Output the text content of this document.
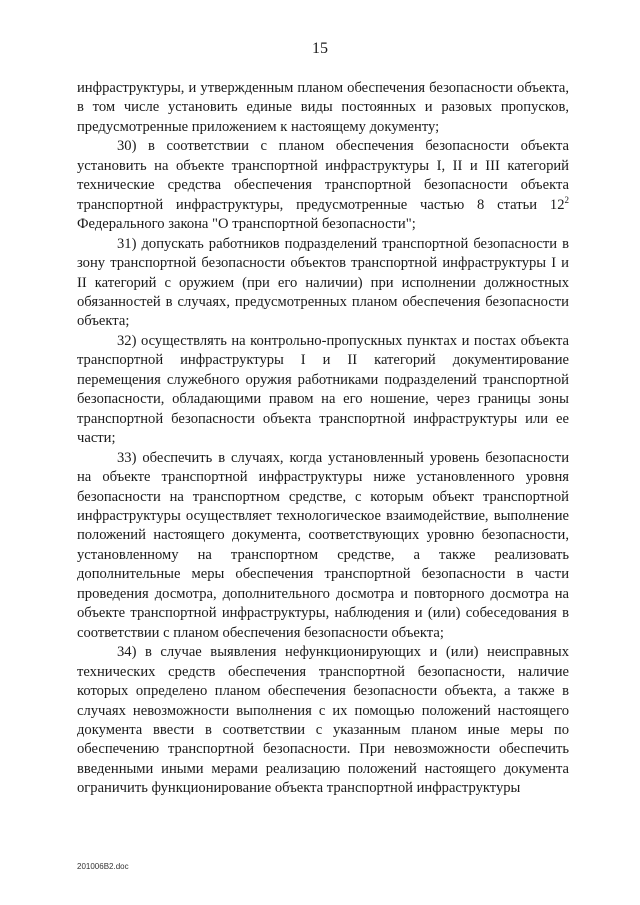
15

инфраструктуры, и утвержденным планом обеспечения безопасности объекта, в том числе установить единые виды постоянных и разовых пропусков, предусмотренные приложением к настоящему документу;

30) в соответствии с планом обеспечения безопасности объекта установить на объекте транспортной инфраструктуры I, II и III категорий технические средства обеспечения транспортной безопасности объекта транспортной инфраструктуры, предусмотренные частью 8 статьи $12^2$ Федерального закона "О транспортной безопасности";

31) допускать работников подразделений транспортной безопасности в зону транспортной безопасности объектов транспортной инфраструктуры I и II категорий с оружием (при его наличии) при исполнении должностных обязанностей в случаях, предусмотренных планом обеспечения безопасности объекта;

32) осуществлять на контрольно-пропускных пунктах и постах объекта транспортной инфраструктуры I и II категорий документирование перемещения служебного оружия работниками подразделений транспортной безопасности, обладающими правом на его ношение, через границы зоны транспортной безопасности объекта транспортной инфраструктуры или ее части;

33) обеспечить в случаях, когда установленный уровень безопасности на объекте транспортной инфраструктуры ниже установленного уровня безопасности на транспортном средстве, с которым объект транспортной инфраструктуры осуществляет технологическое взаимодействие, выполнение положений настоящего документа, соответствующих уровню безопасности, установленному на транспортном средстве, а также реализовать дополнительные меры обеспечения транспортной безопасности в части проведения досмотра, дополнительного досмотра и повторного досмотра на объекте транспортной инфраструктуры, наблюдения и (или) собеседования в соответствии с планом обеспечения безопасности объекта;

34) в случае выявления нефункционирующих и (или) неисправных технических средств обеспечения транспортной безопасности, наличие которых определено планом обеспечения безопасности объекта, а также в случаях невозможности выполнения с их помощью положений настоящего документа ввести в соответствии с указанным планом иные меры по обеспечению транспортной безопасности. При невозможности обеспечить введенными иными мерами реализацию положений настоящего документа ограничить функционирование объекта транспортной инфраструктуры

201006B2.doc
